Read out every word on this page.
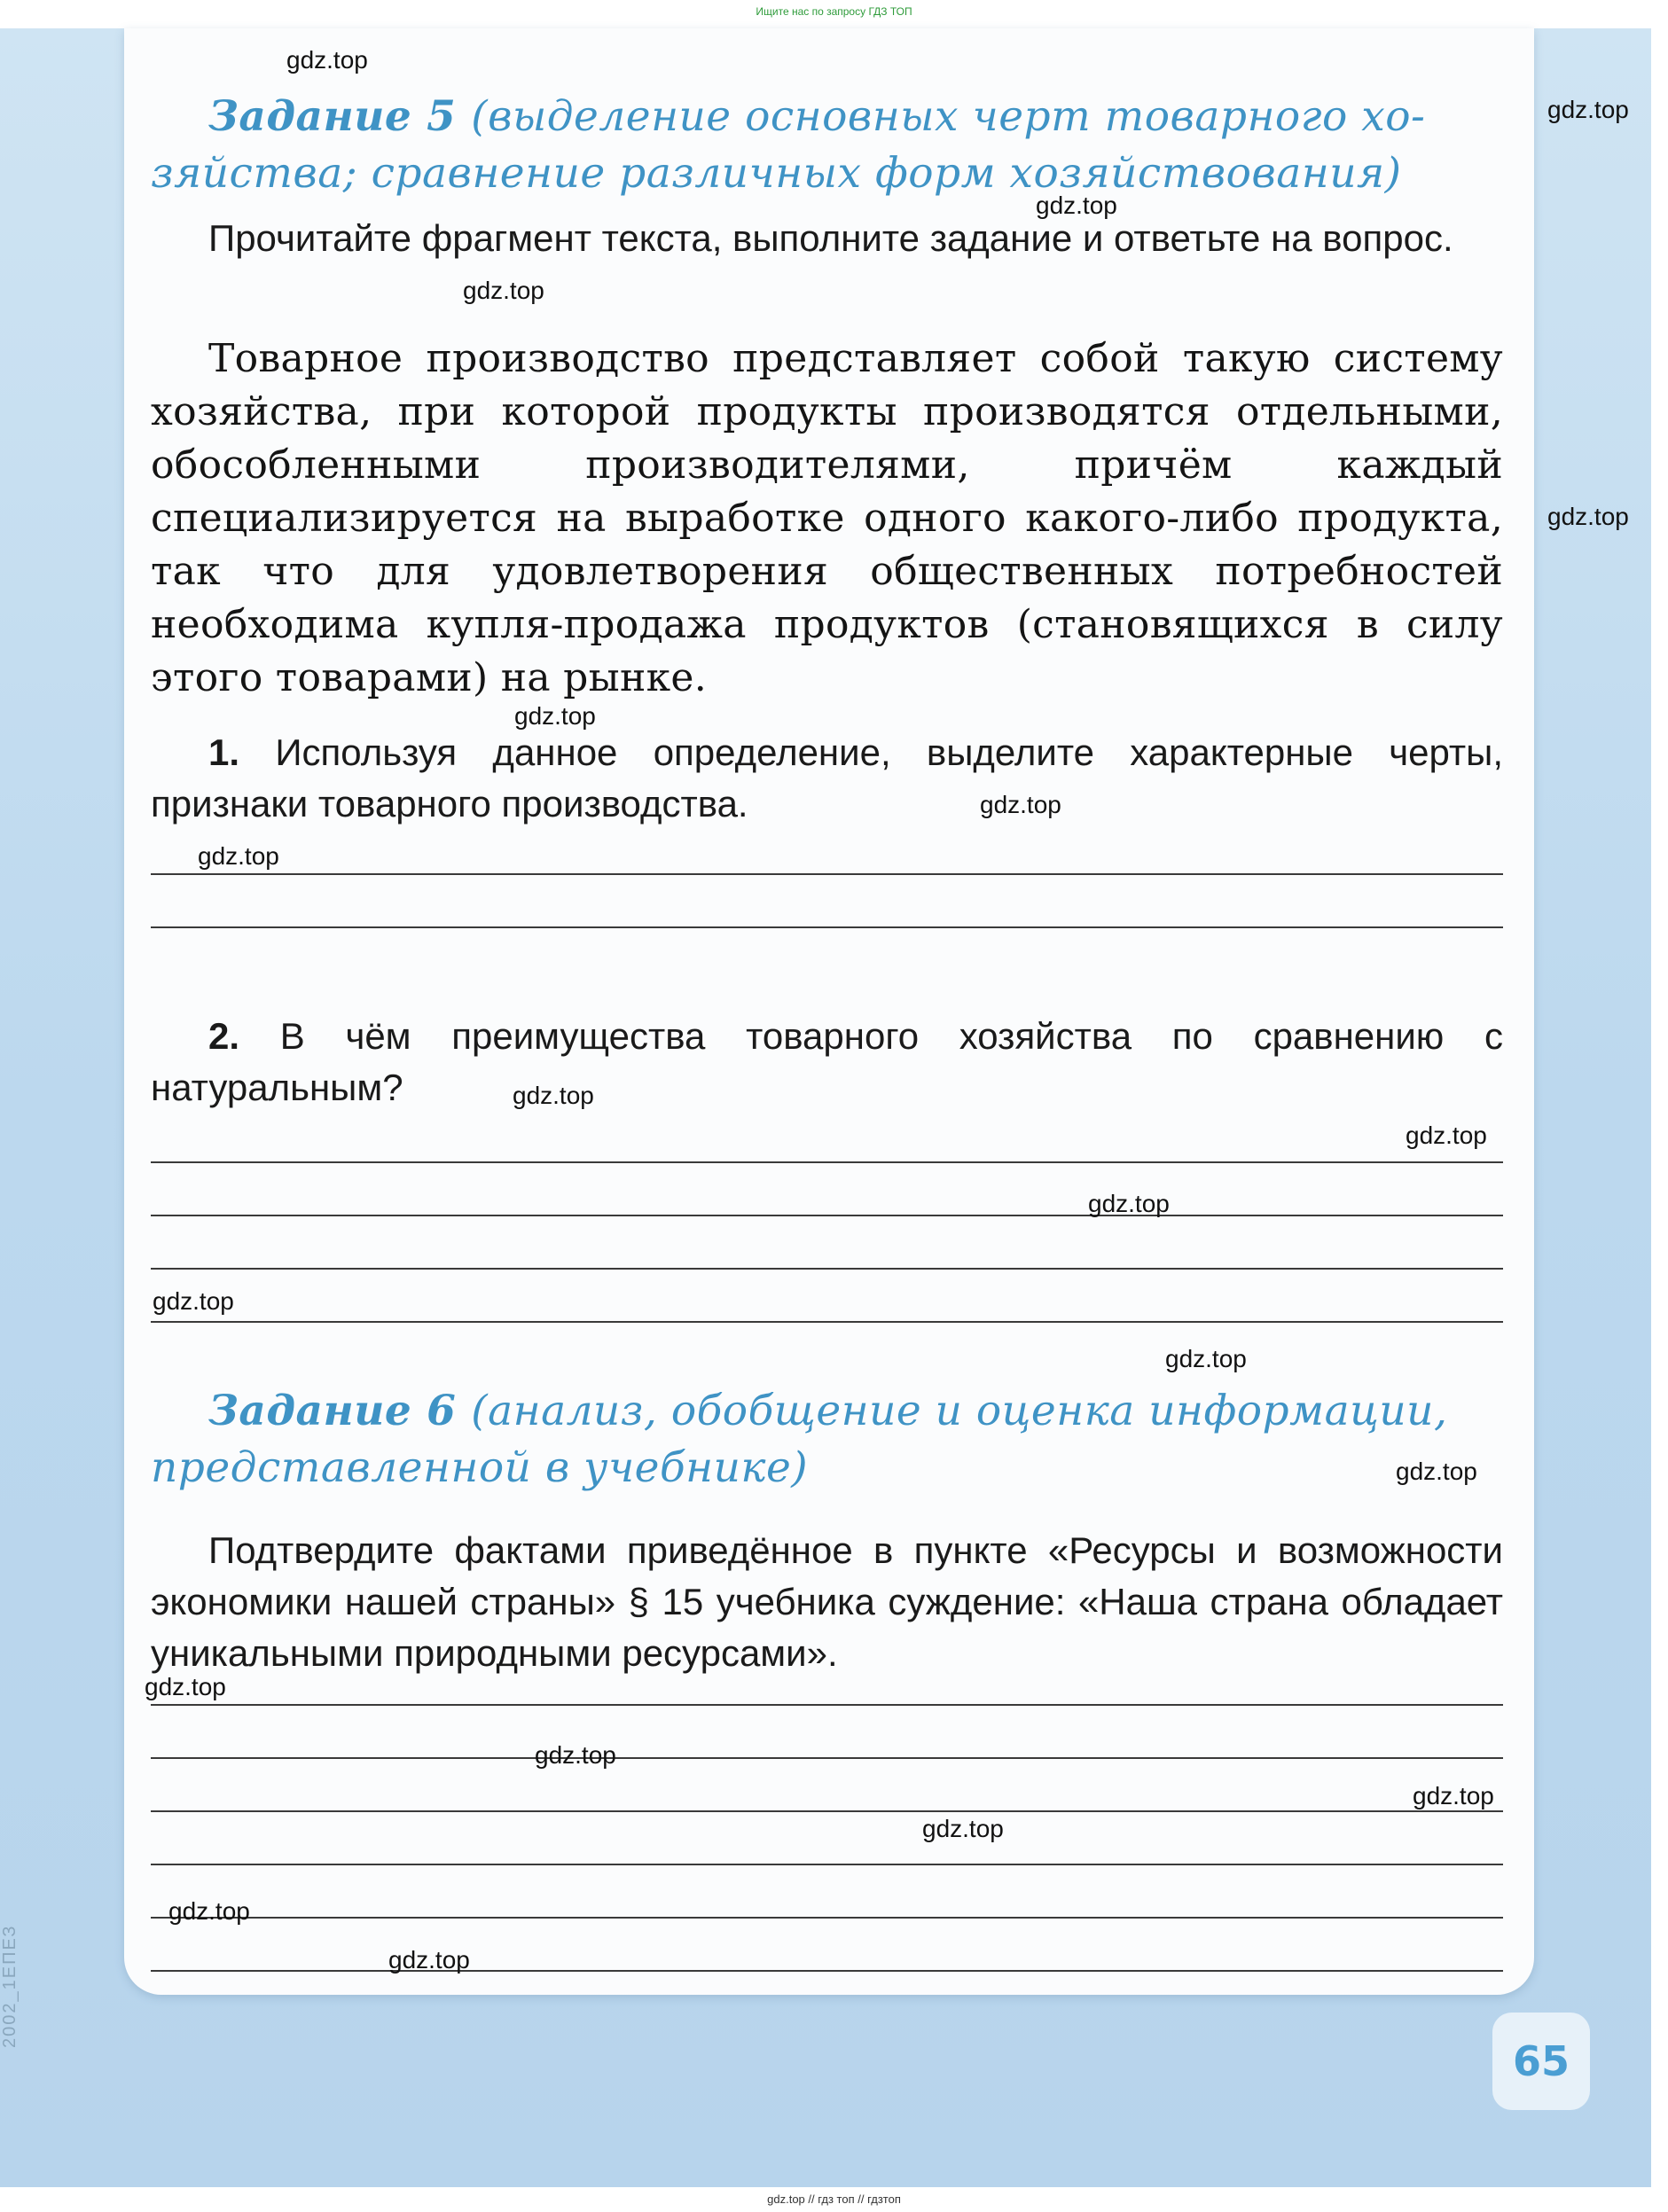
Ищите нас по запросу ГДЗ ТОП
2002_1ЕПЕЗ
Задание 5 (выделение основных черт товарного хо-
зяйства; сравнение различных форм хозяйствования)
Прочитайте фрагмент текста, выполните задание и ответьте на вопрос.
Товарное производство представляет собой такую систему хозяйства, при которой продукты производятся отдельными, обособленными производителями, причём каждый специализируется на выработке одного какого-либо продукта, так что для удовлетворения общественных потребностей необходима купля-продажа продуктов (становящихся в силу этого товарами) на рынке.
1. Используя данное определение, выделите характерные черты, признаки товарного производства.
2. В чём преимущества товарного хозяйства по сравнению с натуральным?
Задание 6 (анализ, обобщение и оценка информации,
представленной в учебнике)
Подтвердите фактами приведённое в пункте «Ресурсы и возможности экономики нашей страны» § 15 учебника суждение: «Наша страна обладает уникальными природными ресурсами».
gdz.top
gdz.top
gdz.top
gdz.top
gdz.top
gdz.top
gdz.top
gdz.top
gdz.top
gdz.top
gdz.top
gdz.top
gdz.top
gdz.top
gdz.top
gdz.top
gdz.top
gdz.top
gdz.top
gdz.top
65
gdz.top // гдз топ // гдзтоп
